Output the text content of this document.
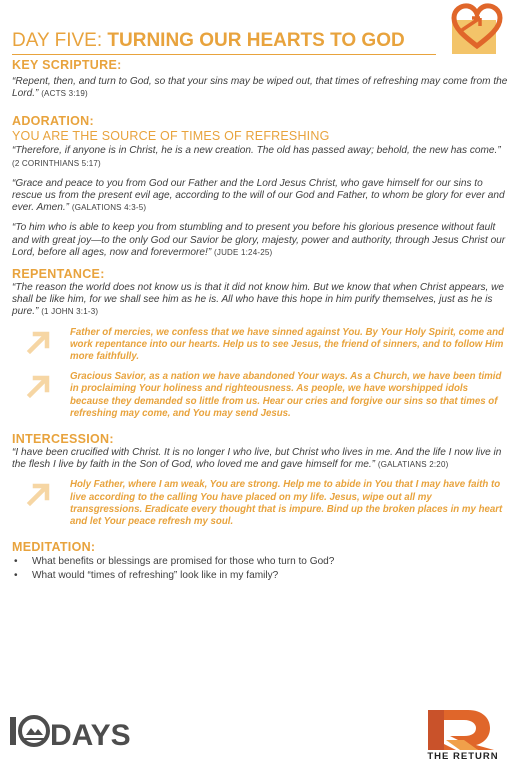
DAY FIVE: TURNING OUR HEARTS TO GOD
KEY SCRIPTURE:

“Repent, then, and turn to God, so that your sins may be wiped out, that times of refreshing may come from the Lord.” (ACTS 3:19)

ADORATION:

YOU ARE THE SOURCE OF TIMES OF REFRESHING

“Therefore, if anyone is in Christ, he is a new creation. The old has passed away; behold, the new has come.” (2 CORINTHIANS 5:17)

“Grace and peace to you from God our Father and the Lord Jesus Christ, who gave himself for our sins to rescue us from the present evil age, according to the will of our God and Father, to whom be glory for ever and ever. Amen.” (GALATIONS 4:3-5)

“To him who is able to keep you from stumbling and to present you before his glorious presence without fault and with great joy—to the only God our Savior be glory, majesty, power and authority, through Jesus Christ our Lord, before all ages, now and forevermore!” (JUDE 1:24-25)

REPENTANCE:

“The reason the world does not know us is that it did not know him. But we know that when Christ appears, we shall be like him, for we shall see him as he is. All who have this hope in him purify themselves, just as he is pure.” (1 JOHN 3:1-3)

Father of mercies, we confess that we have sinned against You. By Your Holy Spirit, come and work repentance into our hearts. Help us to see Jesus, the friend of sinners, and to follow Him more faithfully.

Gracious Savior, as a nation we have abandoned Your ways. As a Church, we have been timid in proclaiming Your holiness and righteousness. As people, we have worshipped idols because they demanded so little from us. Hear our cries and forgive our sins so that times of refreshing may come, and You may send Jesus.

INTERCESSION:

“I have been crucified with Christ. It is no longer I who live, but Christ who lives in me. And the life I now live in the flesh I live by faith in the Son of God, who loved me and gave himself for me.” (GALATIANS 2:20)

Holy Father, where I am weak, You are strong. Help me to abide in You that I may have faith to live according to the calling You have placed on my life. Jesus, wipe out all my transgressions. Eradicate every thought that is impure. Bind up the broken places in my heart and let Your peace refresh my soul.

MEDITATION:
• What benefits or blessings are promised for those who turn to God?
• What would “times of refreshing” look like in my family?
DAYS
THE RETURN
